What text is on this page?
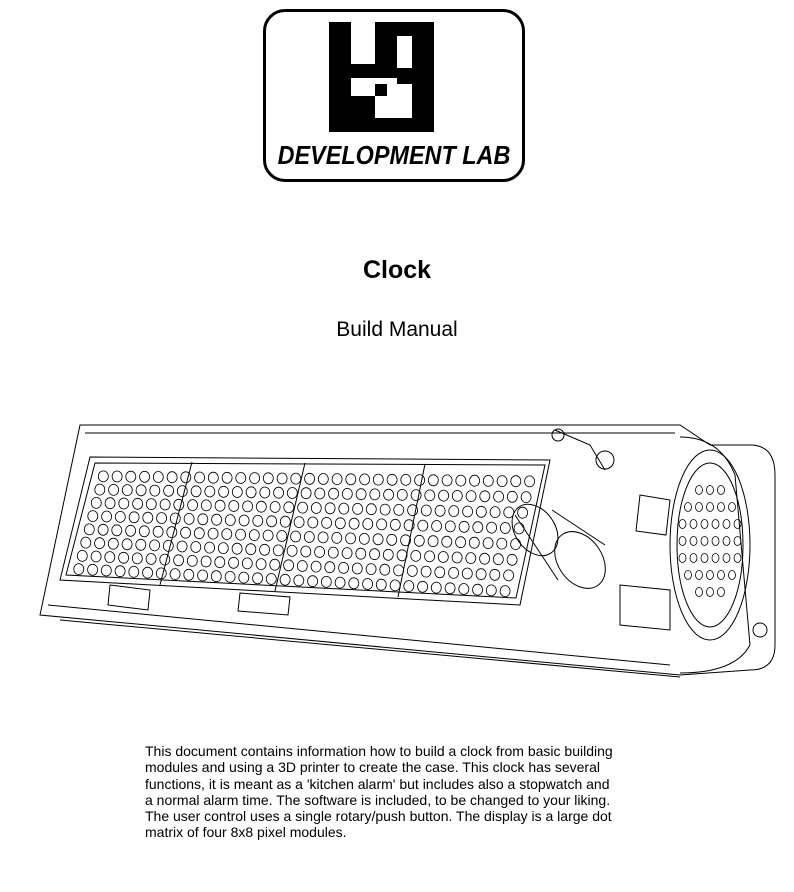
DEVELOPMENT LAB
Clock
Build Manual

This document contains information how to build a clock from basic building

modules and using a 3D printer to create the case. This clock has several

functions, it is meant as a 'kitchen alarm' but includes also a stopwatch and

a normal alarm time. The software is included, to be changed to your liking.

The user control uses a single rotary/push button. The display is a large dot

matrix of four 8x8 pixel modules.
